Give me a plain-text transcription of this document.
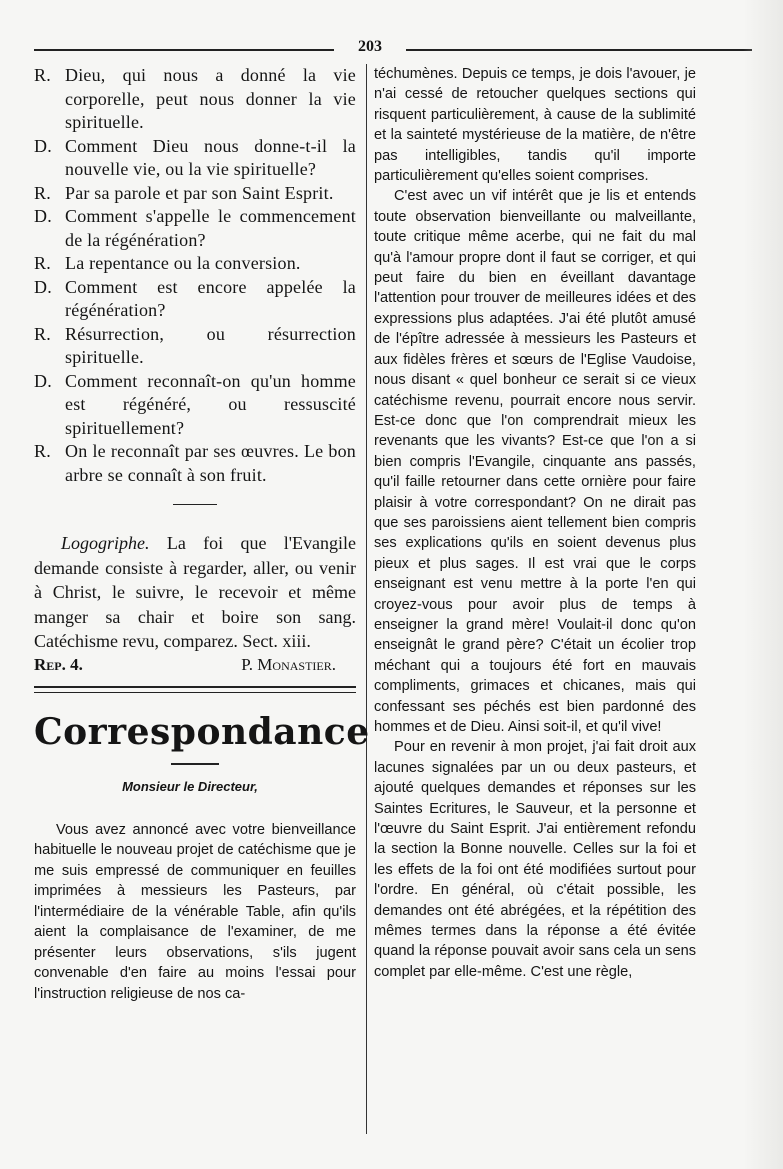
203
R. Dieu, qui nous a donné la vie corporelle, peut nous donner la vie spirituelle.
D. Comment Dieu nous donne-t-il la nouvelle vie, ou la vie spirituelle?
R. Par sa parole et par son Saint Esprit.
D. Comment s'appelle le commencement de la régénération?
R. La repentance ou la conversion.
D. Comment est encore appelée la régénération?
R. Résurrection, ou résurrection spirituelle.
D. Comment reconnaît-on qu'un homme est régénéré, ou ressuscité spirituellement?
R. On le reconnaît par ses œuvres. Le bon arbre se connaît à son fruit.
Logogriphe. La foi que l'Evangile demande consiste à regarder, aller, ou venir à Christ, le suivre, le recevoir et même manger sa chair et boire son sang. Catéchisme revu, comparez. Sect. xiii.
Rep. 4.	P. Monastier.
Correspondance
Monsieur le Directeur,
Vous avez annoncé avec votre bienveillance habituelle le nouveau projet de catéchisme que je me suis empressé de communiquer en feuilles imprimées à messieurs les Pasteurs, par l'intermédiaire de la vénérable Table, afin qu'ils aient la complaisance de l'examiner, de me présenter leurs observations, s'ils jugent convenable d'en faire au moins l'essai pour l'instruction religieuse de nos ca-

téchumènes. Depuis ce temps, je dois l'avouer, je n'ai cessé de retoucher quelques sections qui risquent particulièrement, à cause de la sublimité et la sainteté mystérieuse de la matière, de n'être pas intelligibles, tandis qu'il importe particulièrement qu'elles soient comprises.

C'est avec un vif intérêt que je lis et entends toute observation bienveillante ou malveillante, toute critique même acerbe, qui ne fait du mal qu'à l'amour propre dont il faut se corriger, et qui peut faire du bien en éveillant davantage l'attention pour trouver de meilleures idées et des expressions plus adaptées. J'ai été plutôt amusé de l'épître adressée à messieurs les Pasteurs et aux fidèles frères et sœurs de l'Eglise Vaudoise, nous disant « quel bonheur ce serait si ce vieux catéchisme revenu, pourrait encore nous servir. Est-ce donc que l'on comprendrait mieux les revenants que les vivants? Est-ce que l'on a si bien compris l'Evangile, cinquante ans passés, qu'il faille retourner dans cette ornière pour faire plaisir à votre correspondant? On ne dirait pas que ses paroissiens aient tellement bien compris ses explications qu'ils en soient devenus plus pieux et plus sages. Il est vrai que le corps enseignant est venu mettre à la porte l'en qui croyez-vous pour avoir plus de temps à enseigner la grand mère! Voulait-il donc qu'on enseignât le grand père? C'était un écolier trop méchant qui a toujours été fort en mauvais compliments, grimaces et chicanes, mais qui confessant ses péchés est bien pardonné des hommes et de Dieu. Ainsi soit-il, et qu'il vive!

Pour en revenir à mon projet, j'ai fait droit aux lacunes signalées par un ou deux pasteurs, et ajouté quelques demandes et réponses sur les Saintes Ecritures, le Sauveur, et la personne et l'œuvre du Saint Esprit. J'ai entièrement refondu la section la Bonne nouvelle. Celles sur la foi et les effets de la foi ont été modifiées surtout pour l'ordre. En général, où c'était possible, les demandes ont été abrégées, et la répétition des mêmes termes dans la réponse a été évitée quand la réponse pouvait avoir sans cela un sens complet par elle-même. C'est une règle,
